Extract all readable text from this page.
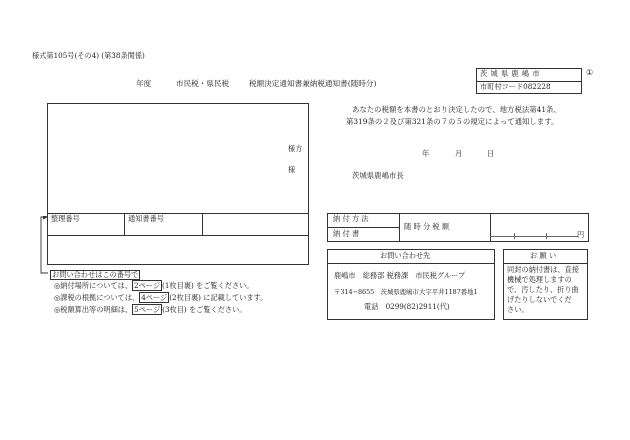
様式第105号(その4) (第38条関係)
年度	市民税・県民税	税額決定通知書兼納税通知書(随時分)
茨 城 県 鹿 嶋 市
市町村コード082228
①
あなたの税額を本書のとおり決定したので、地方税法第41条、
第319条の２及び第321条の７の５の規定によって通知します。
年	月	日
茨城県鹿嶋市長
様方
様
整理番号	通知書番号	納 付 方 法
納 付 書
随 時 分 税 額
円
お問い合わせはこの番号で
◎納付場所については、 2ページ (1枚目裏) をご覧ください。
◎課税の根拠については、 4ページ (2枚目裏) に記載しています。
◎税額算出等の明細は、 5ページ (3枚目) をご覧ください。
お問い合わせ先
鹿嶋市　総務部 税務課　市民税グループ
〒314−8655　茨城県鹿嶋市大字平井1187番地1
電話　0299(82)2911(代)
お 願 い
同封の納付書は、直接
機械で処理しますの
で、汚したり、折り曲
げたりしないでくだ
さい。
